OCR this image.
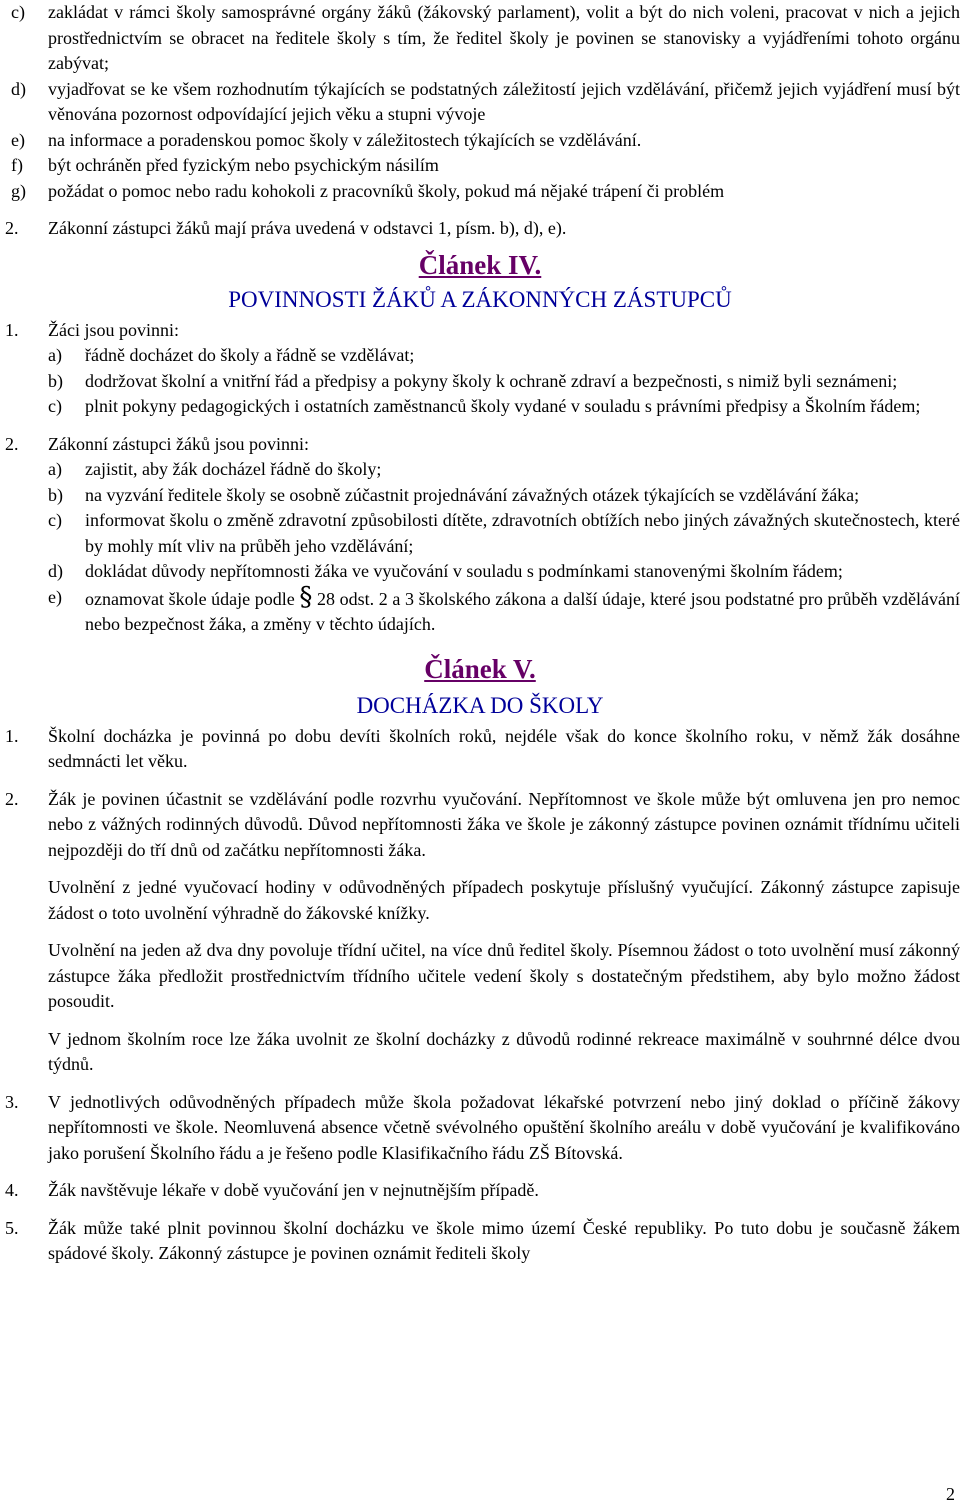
c) zakládat v rámci školy samosprávné orgány žáků (žákovský parlament), volit a být do nich voleni, pracovat v nich a jejich prostřednictvím se obracet na ředitele školy s tím, že ředitel školy je povinen se stanovisky a vyjádřeními tohoto orgánu zabývat;

d) vyjadřovat se ke všem rozhodnutím týkajících se podstatných záležitostí jejich vzdělávání, přičemž jejich vyjádření musí být věnována pozornost odpovídající jejich věku a stupni vývoje

e) na informace a poradenskou pomoc školy v záležitostech týkajících se vzdělávání.

f) být ochráněn před fyzickým nebo psychickým násilím

g) požádat o pomoc nebo radu kohokoli z pracovníků školy, pokud má nějaké trápení či problém

2. Zákonní zástupci žáků mají práva uvedená v odstavci 1, písm. b), d), e).

Článek IV.

POVINNOSTI ŽÁKŮ A ZÁKONNÝCH ZÁSTUPCŮ

1. Žáci jsou povinni:

a) řádně docházet do školy a řádně se vzdělávat;

b) dodržovat školní a vnitřní řád a předpisy a pokyny školy k ochraně zdraví a bezpečnosti, s nimiž byli seznámeni;

c) plnit pokyny pedagogických i ostatních zaměstnanců školy vydané v souladu s právními předpisy a Školním řádem;

2. Zákonní zástupci žáků jsou povinni:

a) zajistit, aby žák docházel řádně do školy;

b) na vyzvání ředitele školy se osobně zúčastnit projednávání závažných otázek týkajících se vzdělávání žáka;

c) informovat školu o změně zdravotní způsobilosti dítěte, zdravotních obtížích nebo jiných závažných skutečnostech, které by mohly mít vliv na průběh jeho vzdělávání;

d) dokládat důvody nepřítomnosti žáka ve vyučování v souladu s podmínkami stanovenými školním řádem;

e) oznamovat škole údaje podle § 28 odst. 2 a 3 školského zákona a další údaje, které jsou podstatné pro průběh vzdělávání nebo bezpečnost žáka, a změny v těchto údajích.

Článek V.

DOCHÁZKA DO ŠKOLY

1. Školní docházka je povinná po dobu devíti školních roků, nejdéle však do konce školního roku, v němž žák dosáhne sedmnácti let věku.

2. Žák je povinen účastnit se vzdělávání podle rozvrhu vyučování. Nepřítomnost ve škole může být omluvena jen pro nemoc nebo z vážných rodinných důvodů. Důvod nepřítomnosti žáka ve škole je zákonný zástupce povinen oznámit třídnímu učiteli nejpozději do tří dnů od začátku nepřítomnosti žáka.

Uvolnění z jedné vyučovací hodiny v odůvodněných případech poskytuje příslušný vyučující. Zákonný zástupce zapisuje žádost o toto uvolnění výhradně do žákovské knížky.

Uvolnění na jeden až dva dny povoluje třídní učitel, na více dnů ředitel školy. Písemnou žádost o toto uvolnění musí zákonný zástupce žáka předložit prostřednictvím třídního učitele vedení školy s dostatečným předstihem, aby bylo možno žádost posoudit.

V jednom školním roce lze žáka uvolnit ze školní docházky z důvodů rodinné rekreace maximálně v souhrnné délce dvou týdnů.

3. V jednotlivých odůvodněných případech může škola požadovat lékařské potvrzení nebo jiný doklad o příčině žákovy nepřítomnosti ve škole. Neomluvená absence včetně svévolného opuštění školního areálu v době vyučování je kvalifikováno jako porušení Školního řádu a je řešeno podle Klasifikačního řádu ZŠ Bítovská.

4. Žák navštěvuje lékaře v době vyučování jen v nejnutnějším případě.

5. Žák může také plnit povinnou školní docházku ve škole mimo území České republiky. Po tuto dobu je současně žákem spádové školy. Zákonný zástupce je povinen oznámit řediteli školy

2
